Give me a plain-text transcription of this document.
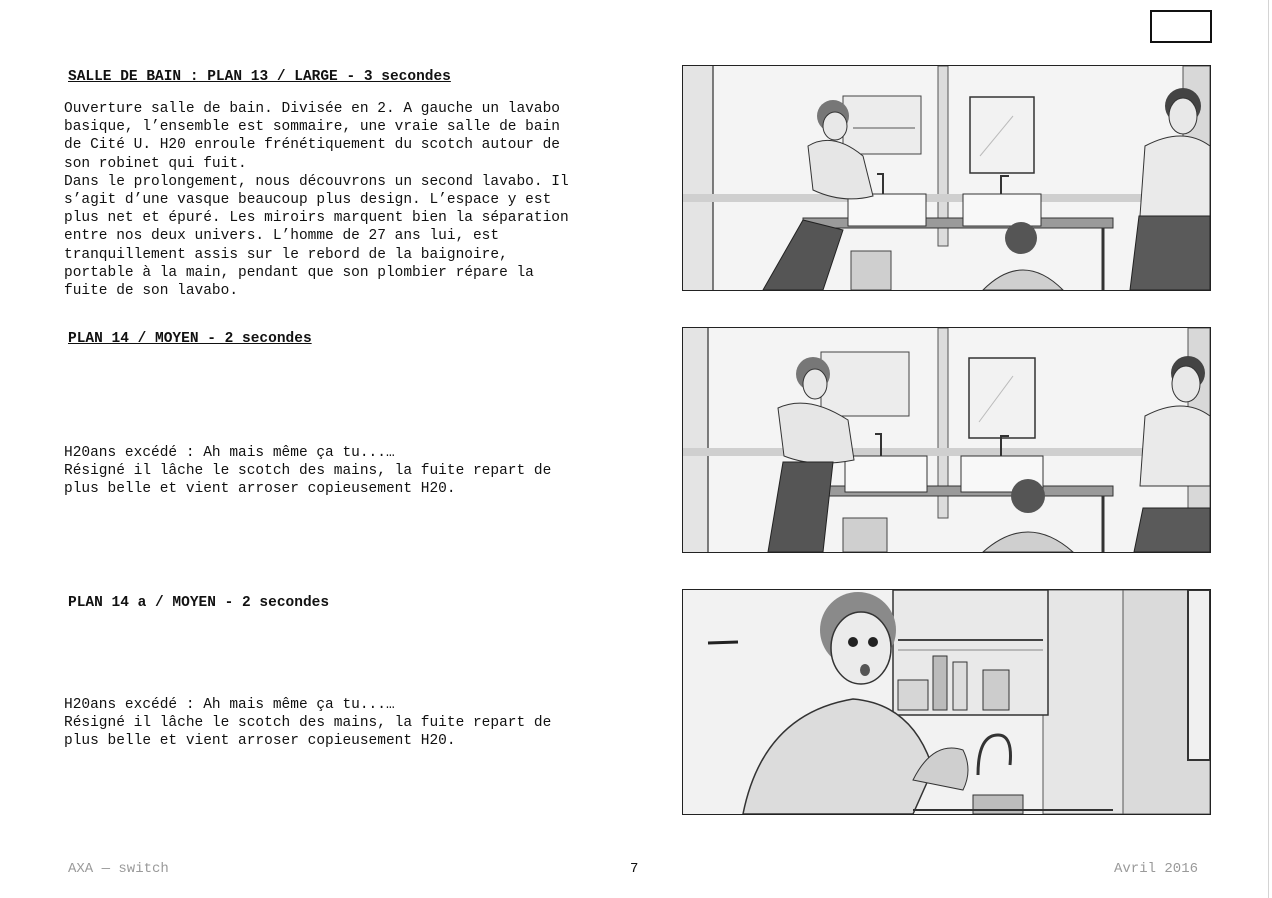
SALLE DE BAIN : PLAN 13 / LARGE - 3 secondes

Ouverture salle de bain. Divisée en 2. A gauche un lavabo
basique, l’ensemble est sommaire, une vraie salle de bain
de Cité U. H20 enroule frénétiquement du scotch autour de
son robinet qui fuit.
Dans le prolongement, nous découvrons un second lavabo. Il
s’agit d’une vasque beaucoup plus design. L’espace y est
plus net et épuré. Les miroirs marquent bien la séparation
entre nos deux univers. L’homme de 27 ans lui, est
tranquillement assis sur le rebord de la baignoire,
portable à la main, pendant que son plombier répare la
fuite de son lavabo.

PLAN 14 / MOYEN - 2 secondes

H20ans excédé : Ah mais même ça tu...…
Résigné il lâche le scotch des mains, la fuite repart de
plus belle et vient arroser copieusement H20.

PLAN 14 a / MOYEN - 2 secondes

H20ans excédé : Ah mais même ça tu...…
Résigné il lâche le scotch des mains, la fuite repart de
plus belle et vient arroser copieusement H20.

AXA — switch	7	Avril 2016
